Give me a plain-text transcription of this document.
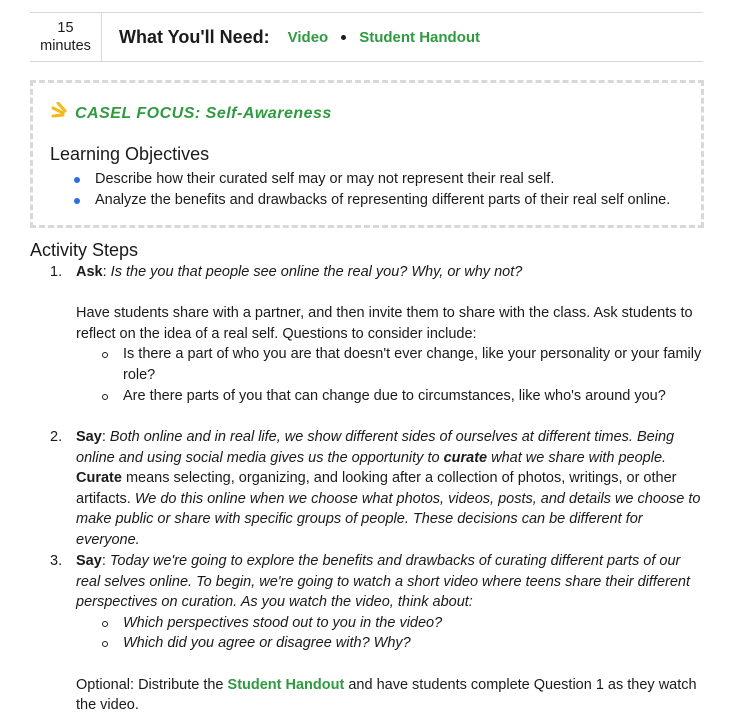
15
minutes What You'll Need: Video Student Handout
CASEL FOCUS: Self-Awareness
Learning Objectives
Describe how their curated self may or may not represent their real self.
Analyze the benefits and drawbacks of representing different parts of their real self online.
Activity Steps
1. Ask: Is the you that people see online the real you? Why, or why not?

Have students share with a partner, and then invite them to share with the class. Ask students to reflect on the idea of a real self. Questions to consider include:

Is there a part of who you are that doesn't ever change, like your personality or your family role?
Are there parts of you that can change due to circumstances, like who's around you?
2. Say: Both online and in real life, we show different sides of ourselves at different times. Being online and using social media gives us the opportunity to curate what we share with people. Curate means selecting, organizing, and looking after a collection of photos, writings, or other artifacts. We do this online when we choose what photos, videos, posts, and details we choose to make public or share with specific groups of people. These decisions can be different for everyone.

3. Say: Today we're going to explore the benefits and drawbacks of curating different parts of our real selves online. To begin, we're going to watch a short video where teens share their different perspectives on curation. As you watch the video, think about:

Which perspectives stood out to you in the video?
Which did you agree or disagree with? Why?

Optional: Distribute the Student Handout and have students complete Question 1 as they watch the video.
